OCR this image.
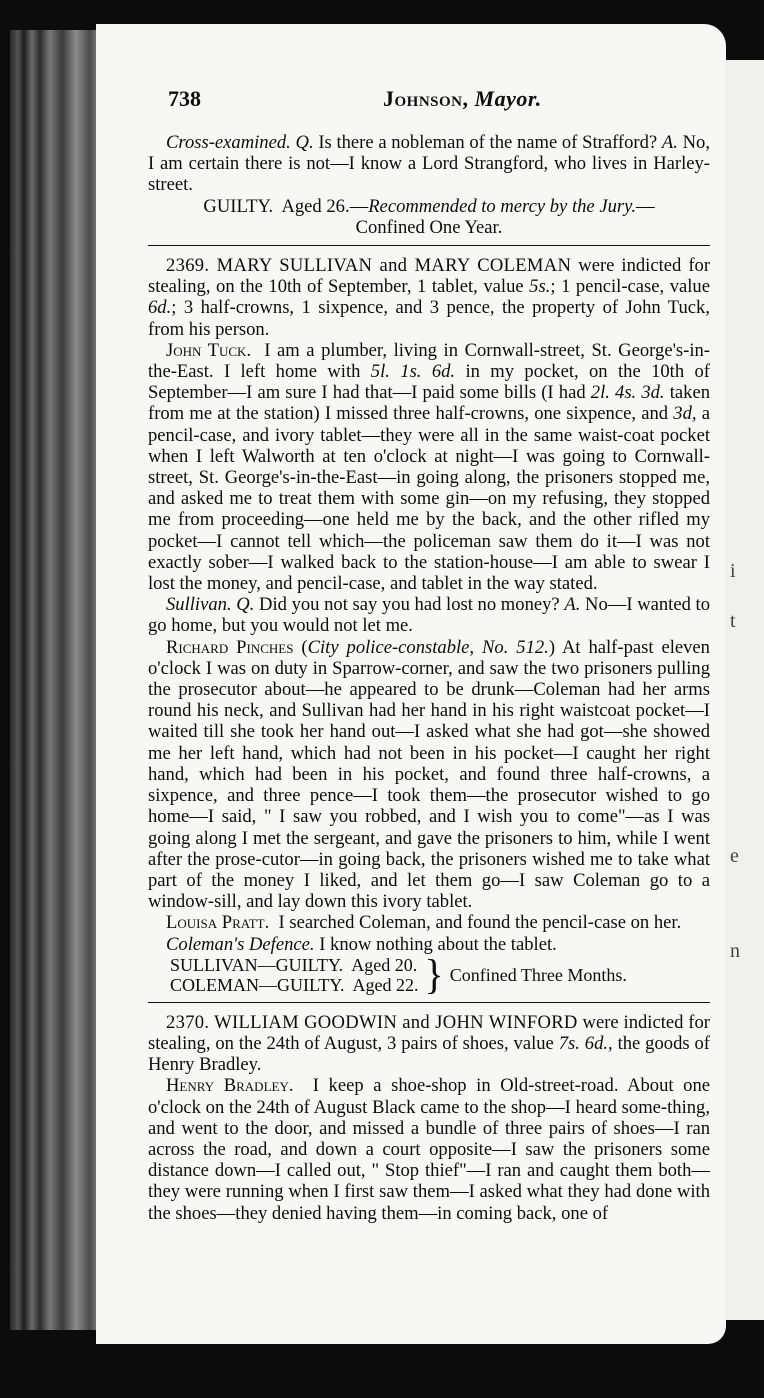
i
t
e
n
738	Johnson, Mayor.

Cross-examined. Q. Is there a nobleman of the name of Strafford? A. No, I am certain there is not—I know a Lord Strangford, who lives in Harley-street.

GUILTY. Aged 26.—Recommended to mercy by the Jury.—

Confined One Year.

2369. MARY SULLIVAN and MARY COLEMAN were indicted for stealing, on the 10th of September, 1 tablet, value 5s.; 1 pencil-case, value 6d.; 3 half-crowns, 1 sixpence, and 3 pence, the property of John Tuck, from his person.

John Tuck. I am a plumber, living in Cornwall-street, St. George's-in-the-East. I left home with 5l. 1s. 6d. in my pocket, on the 10th of September—I am sure I had that—I paid some bills (I had 2l. 4s. 3d. taken from me at the station) I missed three half-crowns, one sixpence, and 3d, a pencil-case, and ivory tablet—they were all in the same waist-coat pocket when I left Walworth at ten o'clock at night—I was going to Cornwall-street, St. George's-in-the-East—in going along, the prisoners stopped me, and asked me to treat them with some gin—on my refusing, they stopped me from proceeding—one held me by the back, and the other rifled my pocket—I cannot tell which—the policeman saw them do it—I was not exactly sober—I walked back to the station-house—I am able to swear I lost the money, and pencil-case, and tablet in the way stated.

Sullivan. Q. Did you not say you had lost no money? A. No—I wanted to go home, but you would not let me.

Richard Pinches (City police-constable, No. 512.) At half-past eleven o'clock I was on duty in Sparrow-corner, and saw the two prisoners pulling the prosecutor about—he appeared to be drunk—Coleman had her arms round his neck, and Sullivan had her hand in his right waistcoat pocket—I waited till she took her hand out—I asked what she had got—she showed me her left hand, which had not been in his pocket—I caught her right hand, which had been in his pocket, and found three half-crowns, a sixpence, and three pence—I took them—the prosecutor wished to go home—I said, " I saw you robbed, and I wish you to come"—as I was going along I met the sergeant, and gave the prisoners to him, while I went after the prose-cutor—in going back, the prisoners wished me to take what part of the money I liked, and let them go—I saw Coleman go to a window-sill, and lay down this ivory tablet.

Louisa Pratt. I searched Coleman, and found the pencil-case on her.

Coleman's Defence. I know nothing about the tablet.

SULLIVAN—GUILTY. Aged 20.
COLEMAN—GUILTY. Aged 22. } Confined Three Months.

2370. WILLIAM GOODWIN and JOHN WINFORD were indicted for stealing, on the 24th of August, 3 pairs of shoes, value 7s. 6d., the goods of Henry Bradley.

Henry Bradley. I keep a shoe-shop in Old-street-road. About one o'clock on the 24th of August Black came to the shop—I heard some-thing, and went to the door, and missed a bundle of three pairs of shoes—I ran across the road, and down a court opposite—I saw the prisoners some distance down—I called out, " Stop thief"—I ran and caught them both—they were running when I first saw them—I asked what they had done with the shoes—they denied having them—in coming back, one of
